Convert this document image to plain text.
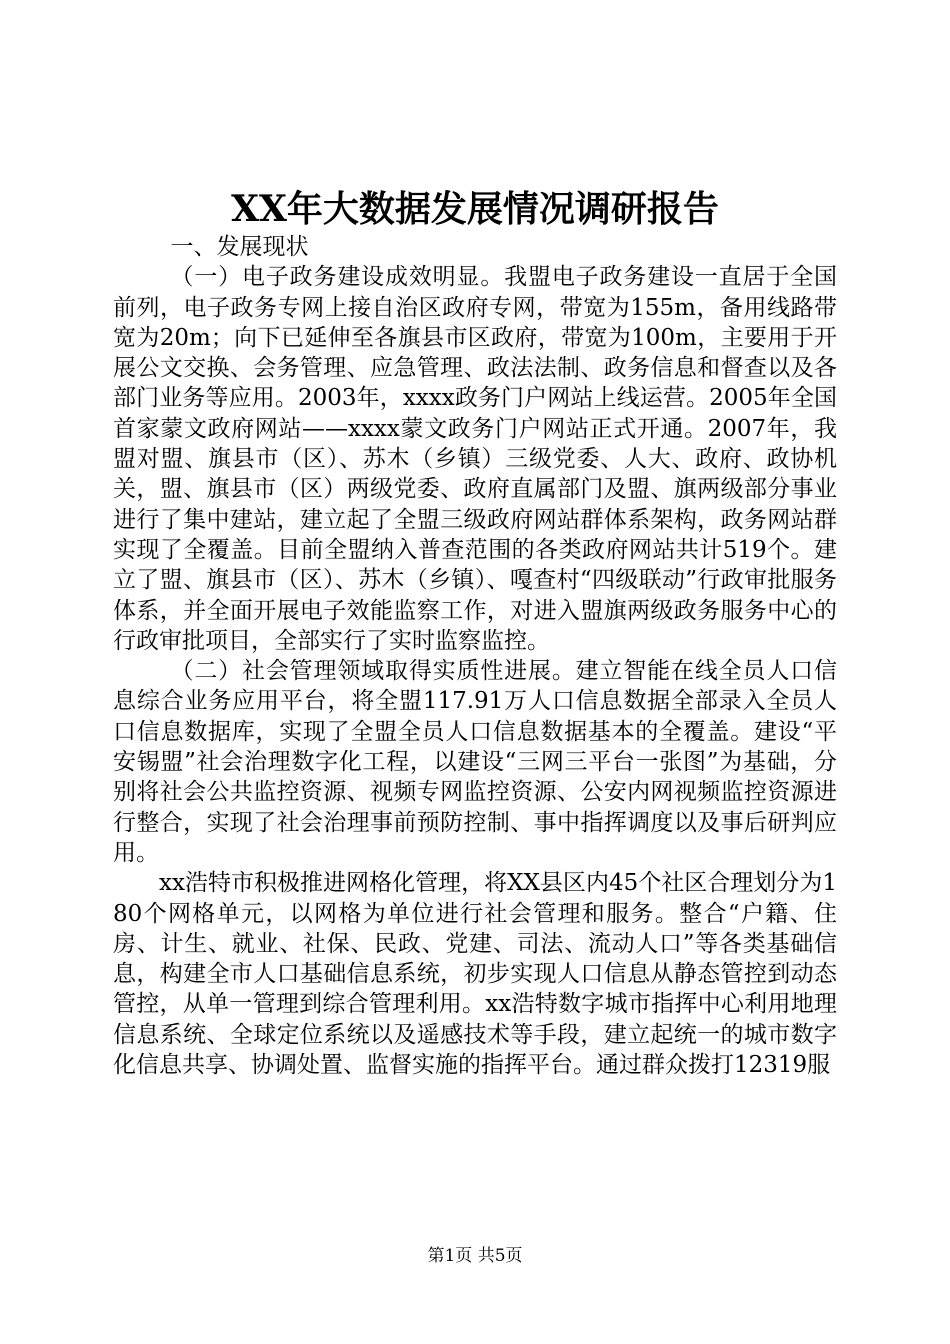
XX年大数据发展情况调研报告

一、发展现状

（一）电子政务建设成效明显。我盟电子政务建设一直居于全国前列，电子政务专网上接自治区政府专网，带宽为155m，备用线路带宽为20m；向下已延伸至各旗县市区政府，带宽为100m，主要用于开展公文交换、会务管理、应急管理、政法法制、政务信息和督查以及各部门业务等应用。2003年，xxxx政务门户网站上线运营。2005年全国首家蒙文政府网站——xxxx蒙文政务门户网站正式开通。2007年，我盟对盟、旗县市（区）、苏木（乡镇）三级党委、人大、政府、政协机关，盟、旗县市（区）两级党委、政府直属部门及盟、旗两级部分事业进行了集中建站，建立起了全盟三级政府网站群体系架构，政务网站群实现了全覆盖。目前全盟纳入普查范围的各类政府网站共计519个。建立了盟、旗县市（区）、苏木（乡镇）、嘎查村“四级联动”行政审批服务体系，并全面开展电子效能监察工作，对进入盟旗两级政务服务中心的行政审批项目，全部实行了实时监察监控。

（二）社会管理领域取得实质性进展。建立智能在线全员人口信息综合业务应用平台，将全盟117.91万人口信息数据全部录入全员人口信息数据库，实现了全盟全员人口信息数据基本的全覆盖。建设“平安锡盟”社会治理数字化工程，以建设“三网三平台一张图”为基础，分别将社会公共监控资源、视频专网监控资源、公安内网视频监控资源进行整合，实现了社会治理事前预防控制、事中指挥调度以及事后研判应用。

xx浩特市积极推进网格化管理，将XX县区内45个社区合理划分为180个网格单元，以网格为单位进行社会管理和服务。整合“户籍、住房、计生、就业、社保、民政、党建、司法、流动人口”等各类基础信息，构建全市人口基础信息系统，初步实现人口信息从静态管控到动态管控，从单一管理到综合管理利用。xx浩特数字城市指挥中心利用地理信息系统、全球定位系统以及遥感技术等手段，建立起统一的城市数字化信息共享、协调处置、监督实施的指挥平台。通过群众拨打12319服

第1页 共5页
